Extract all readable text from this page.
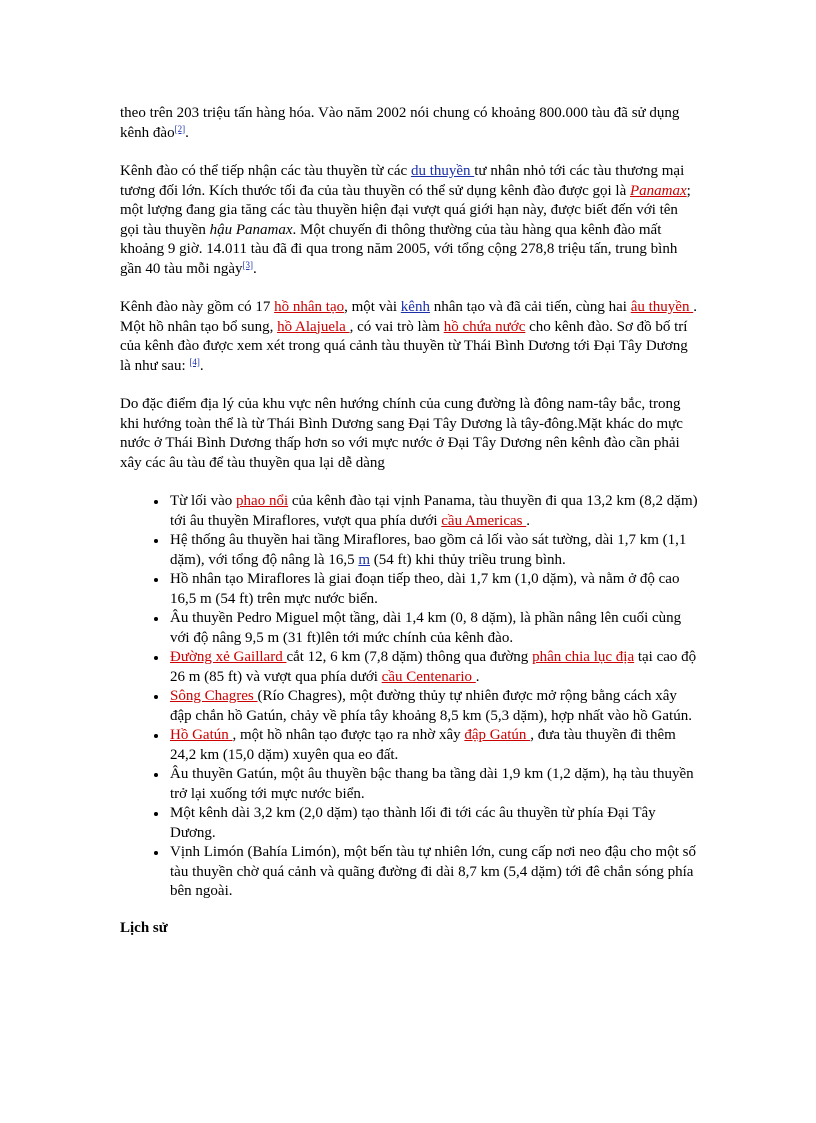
theo trên 203 triệu tấn hàng hóa. Vào năm 2002 nói chung có khoảng 800.000 tàu đã sử dụng kênh đào[2].

Kênh đào có thể tiếp nhận các tàu thuyền từ các du thuyền tư nhân nhỏ tới các tàu thương mại tương đối lớn. Kích thước tối đa của tàu thuyền có thể sử dụng kênh đào được gọi là Panamax; một lượng đang gia tăng các tàu thuyền hiện đại vượt quá giới hạn này, được biết đến với tên gọi tàu thuyền hậu Panamax. Một chuyến đi thông thường của tàu hàng qua kênh đào mất khoảng 9 giờ. 14.011 tàu đã đi qua trong năm 2005, với tổng cộng 278,8 triệu tấn, trung bình gần 40 tàu mỗi ngày[3].

Kênh đào này gồm có 17 hồ nhân tạo, một vài kênh nhân tạo và đã cải tiến, cùng hai âu thuyền . Một hồ nhân tạo bổ sung, hồ Alajuela , có vai trò làm hồ chứa nước cho kênh đào. Sơ đồ bố trí của kênh đào được xem xét trong quá cảnh tàu thuyền từ Thái Bình Dương tới Đại Tây Dương là như sau: [4].

Do đặc điểm địa lý của khu vực nên hướng chính của cung đường là đông nam-tây bắc, trong khi hướng toàn thể là từ Thái Bình Dương sang Đại Tây Dương là tây-đông.Mặt khác do mực nước ở Thái Bình Dương thấp hơn so với mực nước ở Đại Tây Dương nên kênh đào cần phải xây các âu tàu để tàu thuyền qua lại dễ dàng

• Từ lối vào phao nổi của kênh đào tại vịnh Panama, tàu thuyền đi qua 13,2 km (8,2 dặm) tới âu thuyền Miraflores, vượt qua phía dưới cầu Americas .
• Hệ thống âu thuyền hai tầng Miraflores, bao gồm cả lối vào sát tường, dài 1,7 km (1,1 dặm), với tổng độ nâng là 16,5 m (54 ft) khi thủy triều trung bình.
• Hồ nhân tạo Miraflores là giai đoạn tiếp theo, dài 1,7 km (1,0 dặm), và nằm ở độ cao 16,5 m (54 ft) trên mực nước biển.
• Âu thuyền Pedro Miguel một tầng, dài 1,4 km (0, 8 dặm), là phần nâng lên cuối cùng với độ nâng 9,5 m (31 ft)lên tới mức chính của kênh đào.
• Đường xẻ Gaillard cắt 12, 6 km (7,8 dặm) thông qua đường phân chia lục địa tại cao độ 26 m (85 ft) và vượt qua phía dưới cầu Centenario .
• Sông Chagres (Río Chagres), một đường thủy tự nhiên được mở rộng bằng cách xây đập chắn hồ Gatún, chảy về phía tây khoảng 8,5 km (5,3 dặm), hợp nhất vào hồ Gatún.
• Hồ Gatún , một hồ nhân tạo được tạo ra nhờ xây đập Gatún , đưa tàu thuyền đi thêm 24,2 km (15,0 dặm) xuyên qua eo đất.
• Âu thuyền Gatún, một âu thuyền bậc thang ba tầng dài 1,9 km (1,2 dặm), hạ tàu thuyền trở lại xuống tới mực nước biển.
• Một kênh dài 3,2 km (2,0 dặm) tạo thành lối đi tới các âu thuyền từ phía Đại Tây Dương.
• Vịnh Limón (Bahía Limón), một bến tàu tự nhiên lớn, cung cấp nơi neo đậu cho một số tàu thuyền chờ quá cảnh và quãng đường đi dài 8,7 km (5,4 dặm) tới đê chắn sóng phía bên ngoài.
Lịch sử
